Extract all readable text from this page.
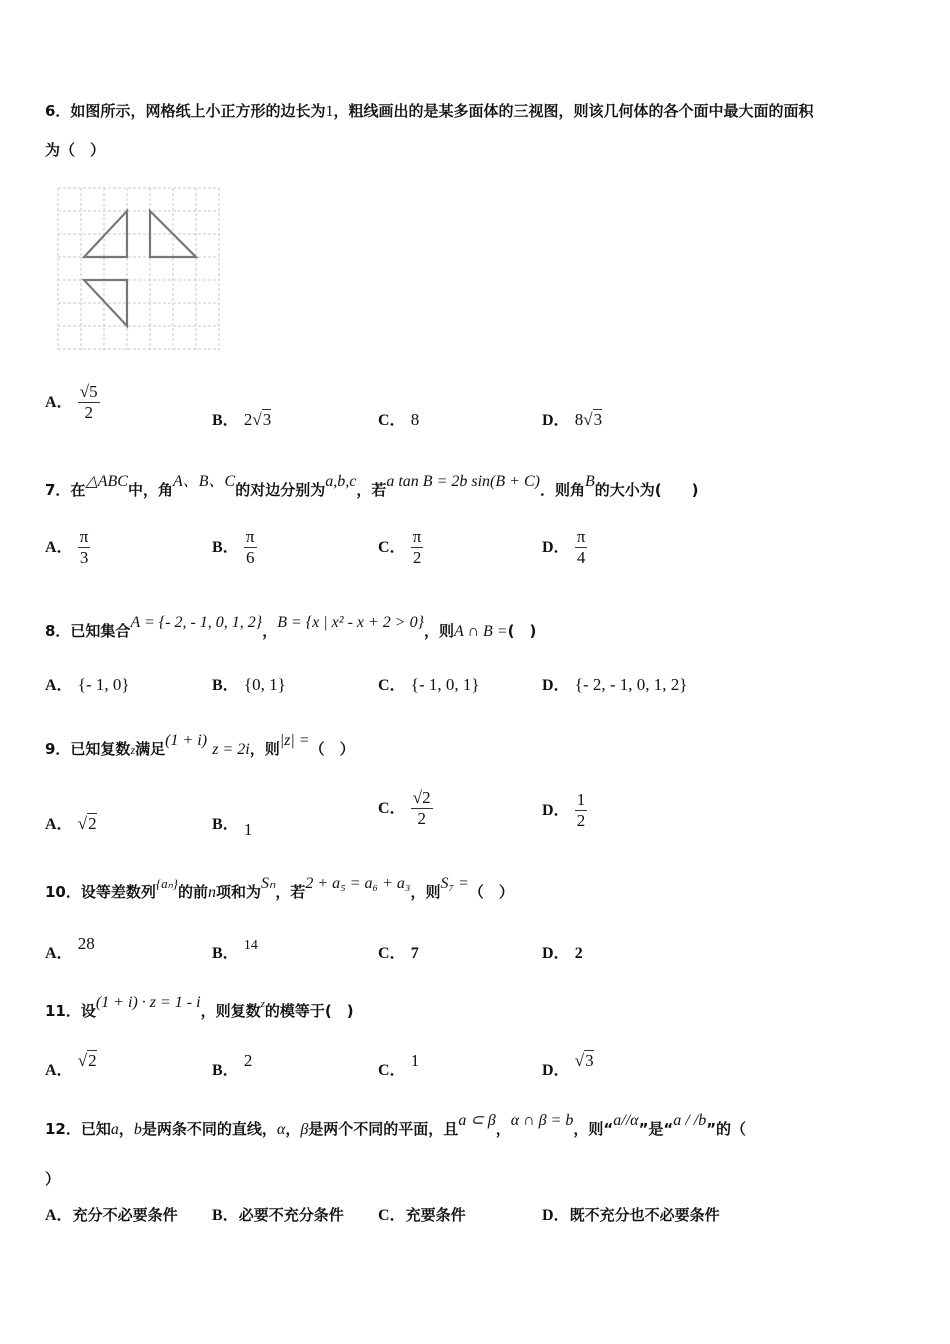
6．如图所示，网格纸上小正方形的边长为1，粗线画出的是某多面体的三视图，则该几何体的各个面中最大面的面积
为（　）
A． $\frac{√5}{2}$	B． 2√3	C． 8	D． 8√3
7．在△ABC中，角A、B、C的对边分别为a,b,c，若a tan B = 2b sin(B + C)．则角B的大小为(　　)
A． $\frac{\pi}{3}$	B． $\frac{\pi}{6}$	C． $\frac{\pi}{2}$	D． $\frac{\pi}{4}$
8．已知集合A = {- 2, - 1, 0, 1, 2}，B = {x | x² - x + 2 > 0}，则A ∩ B =(　)
A． {- 1, 0}	B． {0, 1}	C． {- 1, 0, 1}	D． {- 2, - 1, 0, 1, 2}
9．已知复数z满足(1 + i) z = 2i，则|z| =（　）
A． √2	B． 1
C． $\frac{√2}{2}$	D． $\frac{1}{2}$
10．设等差数列{aₙ}的前n项和为Sₙ，若2 + a₅ = a₆ + a₃，则S₇ =（　）
A． 28
B． 14	C． 7	D． 2
11．设(1 + i) · z = 1 - i，则复数$^z$的模等于(　)
A． √2
B． 2
C． 1
D． √3
12．已知a，b是两条不同的直线，α，β是两个不同的平面，且a ⊂ β，α ∩ β = b，则“a//α”是“a / /b”的（
）
A．充分不必要条件 B．必要不充分条件 C．充要条件	D．既不充分也不必要条件
